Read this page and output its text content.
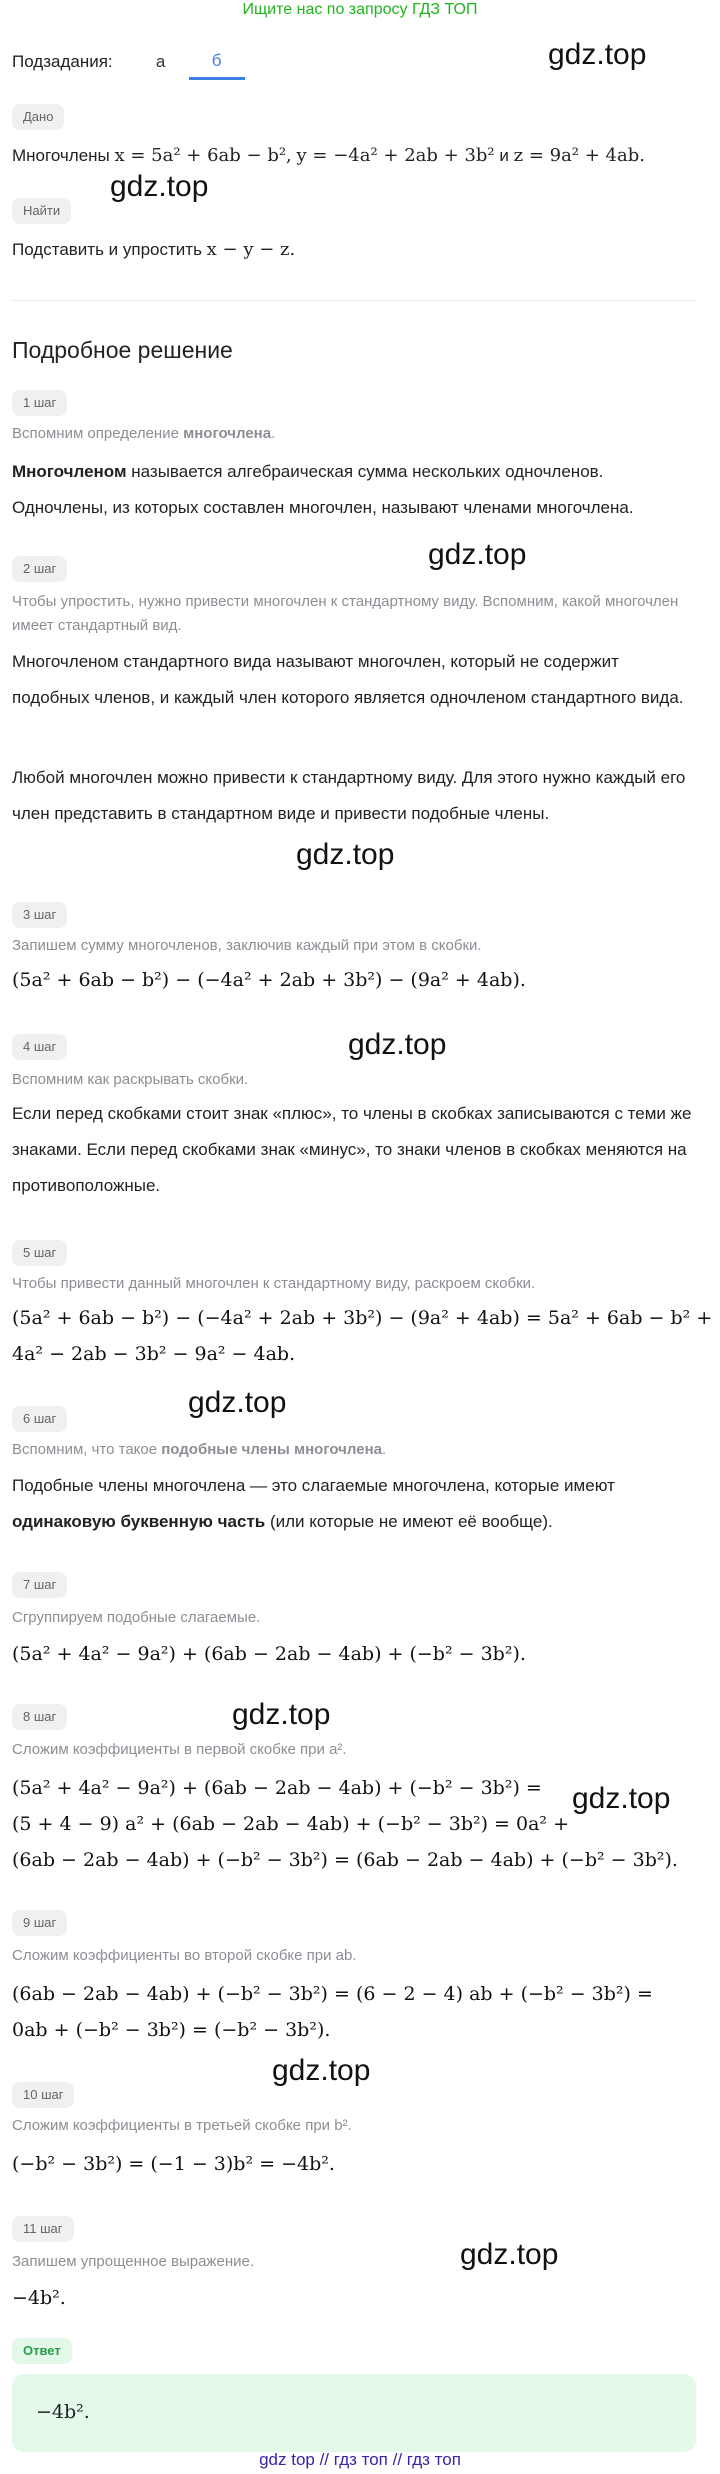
Ищите нас по запросу ГДЗ ТОП
Подзадания:	а	б	gdz.top
gdz.top
gdz.top
gdz.top
gdz.top
gdz.top
gdz.top
gdz.top
gdz.top
gdz.top
Дано
Многочлены x = 5a² + 6ab − b², y = −4a² + 2ab + 3b² и z = 9a² + 4ab.
Найти
Подставить и упростить x − y − z.
Подробное решение
1 шаг
Вспомним определение многочлена.
Многочленом называется алгебраическая сумма нескольких одночленов.
Одночлены, из которых составлен многочлен, называют членами многочлена.
2 шаг
Чтобы упростить, нужно привести многочлен к стандартному виду. Вспомним, какой многочлен имеет стандартный вид.
Многочленом стандартного вида называют многочлен, который не содержит подобных членов, и каждый член которого является одночленом стандартного вида.
Любой многочлен можно привести к стандартному виду. Для этого нужно каждый его член представить в стандартном виде и привести подобные члены.
3 шаг
Запишем сумму многочленов, заключив каждый при этом в скобки.
(5a² + 6ab − b²) − (−4a² + 2ab + 3b²) − (9a² + 4ab).
4 шаг
Вспомним как раскрывать скобки.
Если перед скобками стоит знак «плюс», то члены в скобках записываются с теми же знаками. Если перед скобками знак «минус», то знаки членов в скобках меняются на противоположные.
5 шаг
Чтобы привести данный многочлен к стандартному виду, раскроем скобки.
(5a² + 6ab − b²) − (−4a² + 2ab + 3b²) − (9a² + 4ab) = 5a² + 6ab − b² +
4a² − 2ab − 3b² − 9a² − 4ab.
6 шаг
Вспомним, что такое подобные члены многочлена.
Подобные члены многочлена — это слагаемые многочлена, которые имеют одинаковую буквенную часть (или которые не имеют её вообще).
7 шаг
Сгруппируем подобные слагаемые.
(5a² + 4a² − 9a²) + (6ab − 2ab − 4ab) + (−b² − 3b²).
8 шаг
Сложим коэффициенты в первой скобке при a².
(5a² + 4a² − 9a²) + (6ab − 2ab − 4ab) + (−b² − 3b²) =
(5 + 4 − 9) a² + (6ab − 2ab − 4ab) + (−b² − 3b²) = 0a² +
(6ab − 2ab − 4ab) + (−b² − 3b²) = (6ab − 2ab − 4ab) + (−b² − 3b²).
9 шаг
Сложим коэффициенты во второй скобке при ab.
(6ab − 2ab − 4ab) + (−b² − 3b²) = (6 − 2 − 4) ab + (−b² − 3b²) =
0ab + (−b² − 3b²) = (−b² − 3b²).
10 шаг
Сложим коэффициенты в третьей скобке при b².
(−b² − 3b²) = (−1 − 3)b² = −4b².
11 шаг
Запишем упрощенное выражение.
−4b².
Ответ
−4b².
gdz top // гдз топ // гдз топ
